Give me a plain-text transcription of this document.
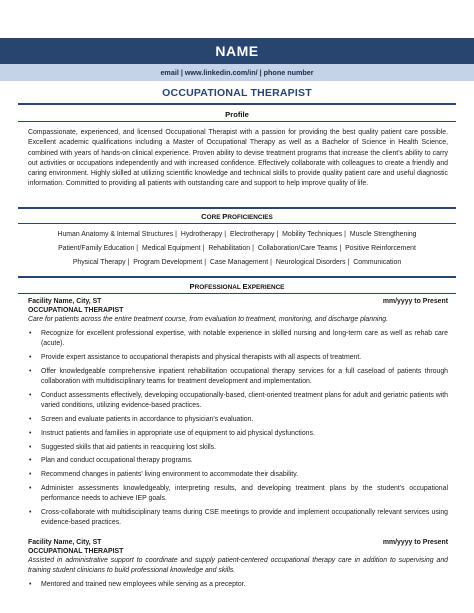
NAME
email | www.linkedin.com/in/ | phone number
OCCUPATIONAL THERAPIST
Profile
Compassionate, experienced, and licensed Occupational Therapist with a passion for providing the best quality patient care possible. Excellent academic qualifications including a Master of Occupational Therapy as well as a Bachelor of Science in Health Science, combined with years of hands-on clinical experience. Proven ability to devise treatment programs that increase the client's ability to carry out activities or occupations independently and with increased confidence. Effectively collaborate with colleagues to create a friendly and caring environment. Highly skilled at utilizing scientific knowledge and technical skills to provide quality patient care and useful diagnostic information. Committed to providing all patients with outstanding care and support to help improve quality of life.
CORE PROFICIENCIES
Human Anatomy & Internal Structures | Hydrotherapy | Electrotherapy | Mobility Techniques | Muscle Strengthening
Patient/Family Education | Medical Equipment | Rehabilitation | Collaboration/Care Teams | Positive Reinforcement
Physical Therapy | Program Development | Case Management | Neurological Disorders | Communication
PROFESSIONAL EXPERIENCE
Facility Name, City, ST	mm/yyyy to Present
OCCUPATIONAL THERAPIST
Care for patients across the entire treatment course, from evaluation to treatment, monitoring, and discharge planning.
• Recognize for excellent professional expertise, with notable experience in skilled nursing and long-term care as well as rehab care (acute).
• Provide expert assistance to occupational therapists and physical therapists with all aspects of treatment.
• Offer knowledgeable comprehensive inpatient rehabilitation occupational therapy services for a full caseload of patients through collaboration with multidisciplinary teams for treatment development and implementation.
• Conduct assessments effectively, developing occupationally-based, client-oriented treatment plans for adult and geriatric patients with varied conditions, utilizing evidence-based practices.
• Screen and evaluate patients in accordance to physician's evaluation.
• Instruct patients and families in appropriate use of equipment to aid physical dysfunctions.
• Suggested skills that aid patients in reacquiring lost skills.
• Plan and conduct occupational therapy programs.
• Recommend changes in patients' living environment to accommodate their disability.
• Administer assessments knowledgeably, interpreting results, and developing treatment plans by the student's occupational performance needs to achieve IEP goals.
• Cross-collaborate with multidisciplinary teams during CSE meetings to provide and implement occupationally relevant services using evidence-based practices.
Facility Name, City, ST	mm/yyyy to Present
OCCUPATIONAL THERAPIST
Assisted in administrative support to coordinate and supply patient-centered occupational therapy care in addition to supervising and training student clinicians to build professional knowledge and skills.
• Mentored and trained new employees while serving as a preceptor.
